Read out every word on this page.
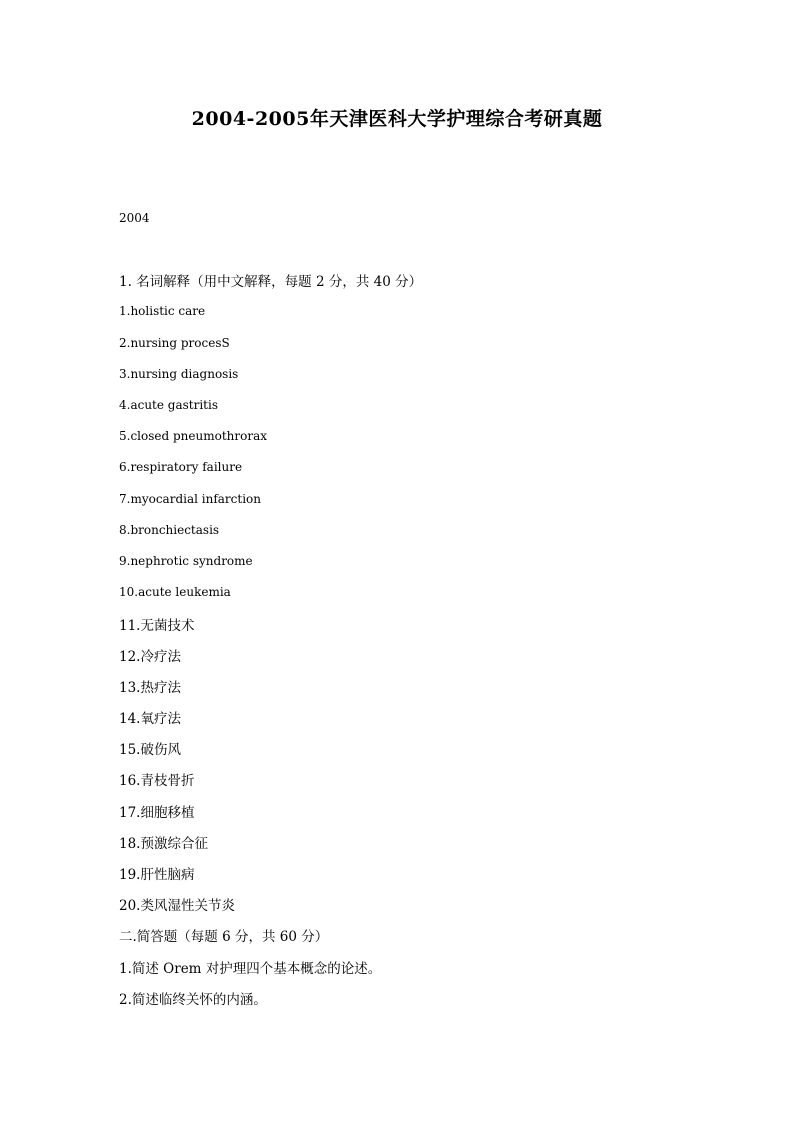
2004-2005年天津医科大学护理综合考研真题

2004

1. 名词解释（用中文解释，每题 2 分，共 40 分）

1.holistic care

2.nursing procesS

3.nursing diagnosis

4.acute gastritis

5.closed pneumothrorax

6.respiratory failure

7.myocardial infarction

8.bronchiectasis

9.nephrotic syndrome

10.acute leukemia

11.无菌技术

12.冷疗法

13.热疗法

14.氧疗法

15.破伤风

16.青枝骨折

17.细胞移植

18.预激综合征

19.肝性脑病

20.类风湿性关节炎

二.简答题（每题 6 分，共 60 分）

1.简述 Orem 对护理四个基本概念的论述。

2.简述临终关怀的内涵。
